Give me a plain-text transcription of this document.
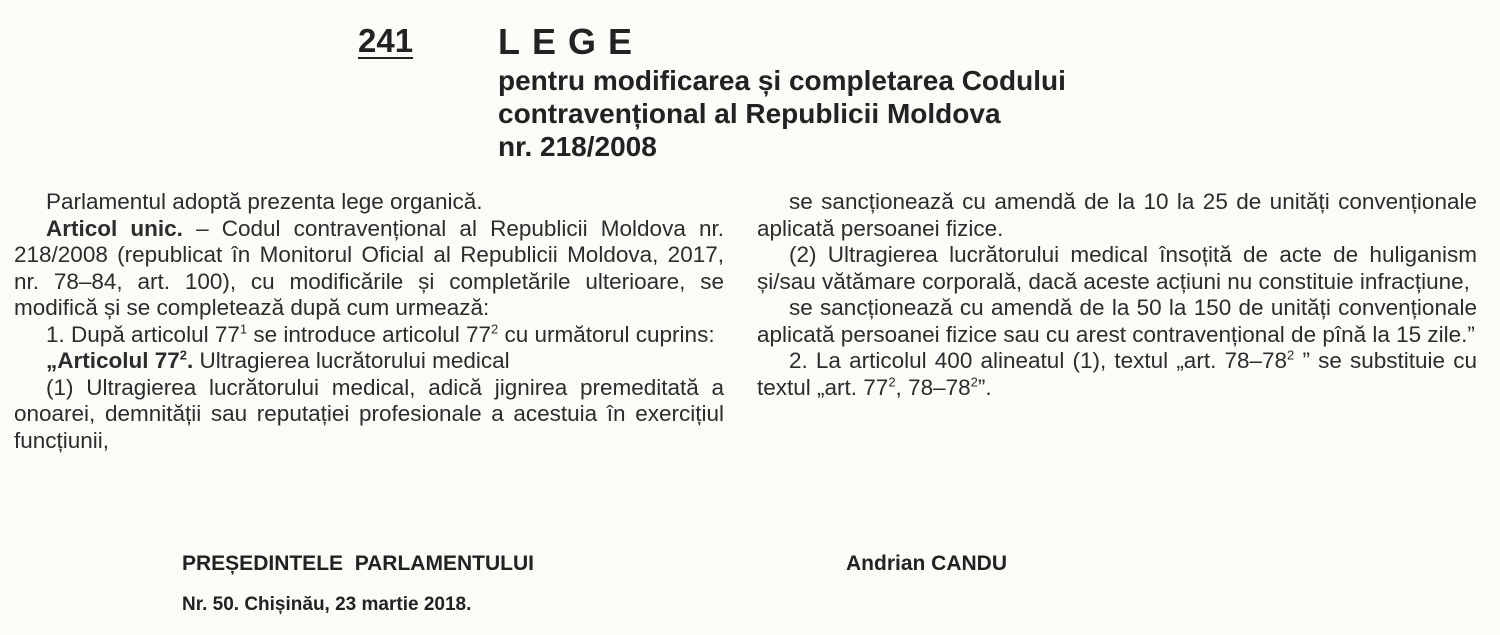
241 LEGE
pentru modificarea și completarea Codului
contravențional al Republicii Moldova
nr. 218/2008

Parlamentul adoptă prezenta lege organică.

Articol unic. – Codul contravențional al Republicii Moldova nr. 218/2008 (republicat în Monitorul Oficial al Republicii Moldova, 2017, nr. 78–84, art. 100), cu modificările și completările ulterioare, se modifică și se completează după cum urmează:

1. După articolul $77^1$ se introduce articolul $77^2$ cu următorul cuprins:

„Articolul $77^2$. Ultragierea lucrătorului medical

(1) Ultragierea lucrătorului medical, adică jignirea premeditată a onoarei, demnității sau reputației profesionale a acestuia în exercițiul funcțiunii,

se sancționează cu amendă de la 10 la 25 de unități convenționale aplicată persoanei fizice.

(2) Ultragierea lucrătorului medical însoțită de acte de huliganism și/sau vătămare corporală, dacă aceste acțiuni nu constituie infracțiune,

se sancționează cu amendă de la 50 la 150 de unități convenționale aplicată persoanei fizice sau cu arest contravențional de pînă la 15 zile.”

2. La articolul 400 alineatul (1), textul „art. $78-78^2$ ” se substituie cu textul „art. $77^2$, $78-78^2$”.

PREȘEDINTELE  PARLAMENTULUI	Andrian CANDU
Nr. 50. Chișinău, 23 martie 2018.
